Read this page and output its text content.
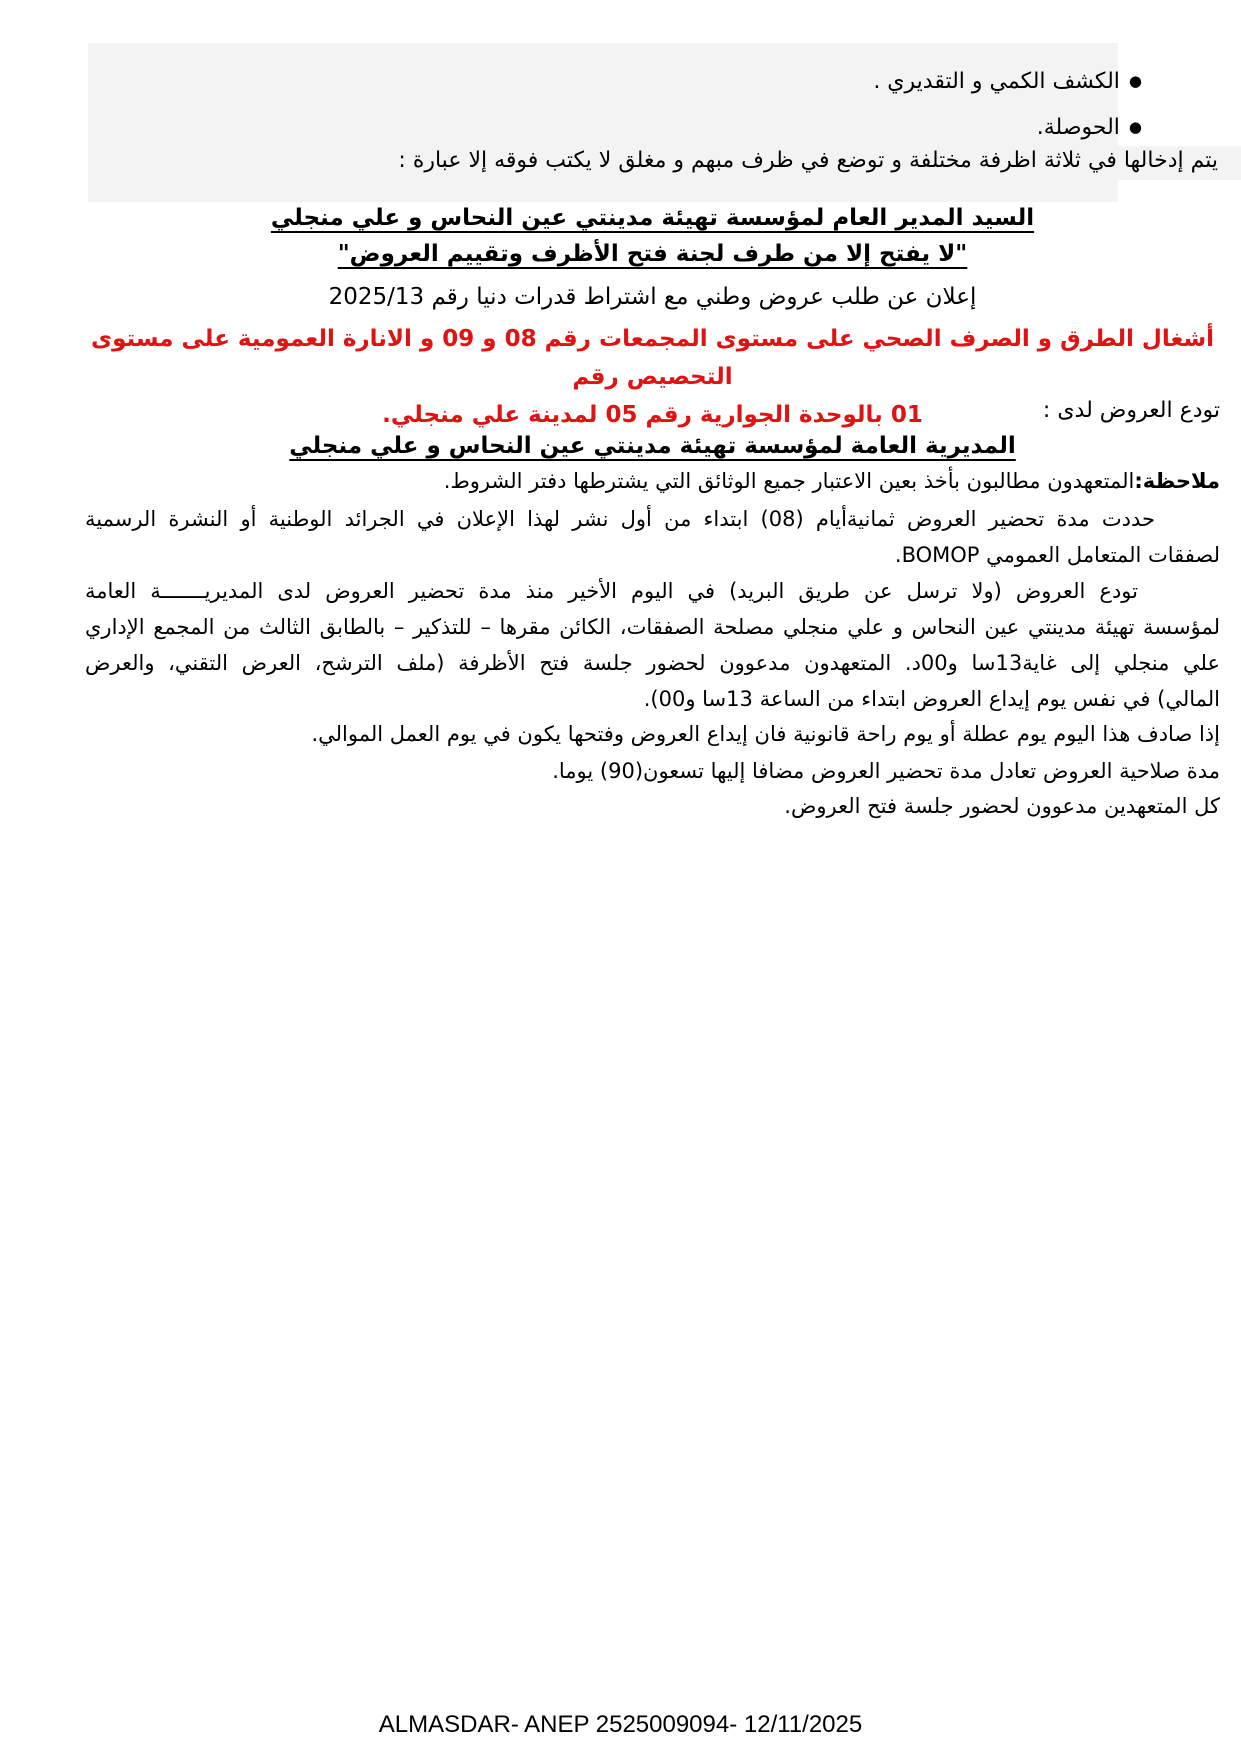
●الكشف الكمي و التقديري .
●الحوصلة.
يتم إدخالها في ثلاثة اظرفة مختلفة و توضع في ظرف مبهم و مغلق لا يكتب فوقه إلا عبارة :
السيد المدير العام لمؤسسة تهيئة مدينتي عين النحاس و علي منجلي
"لا يفتح إلا من طرف لجنة فتح الأظرف وتقييم العروض"
إعلان عن طلب عروض وطني مع اشتراط قدرات دنيا رقم 2025/13
أشغال الطرق و الصرف الصحي على مستوى المجمعات رقم 08 و 09 و الانارة العمومية على مستوى التحصيص رقم
01 بالوحدة الجوارية رقم 05 لمدينة علي منجلي.	تودع العروض لدى :
المديرية العامة لمؤسسة تهيئة مدينتي عين النحاس و علي منجلي
ملاحظة:المتعهدون مطالبون بأخذ بعين الاعتبار جميع الوثائق التي يشترطها دفتر الشروط.
حددت مدة تحضير العروض ثمانيةأيام (08) ابتداء من أول نشر لهذا الإعلان في الجرائد الوطنية أو النشرة الرسمية
لصفقات المتعامل العمومي BOMOP.
تودع العروض (ولا ترسل عن طريق البريد) في اليوم الأخير منذ مدة تحضير العروض لدى المديريـــــــة العامة
لمؤسسة تهيئة مدينتي عين النحاس و علي منجلي مصلحة الصفقات، الكائن مقرها – للتذكير – بالطابق الثالث من المجمع الإداري
علي منجلي إلى غاية13سا و00د. المتعهدون مدعوون لحضور جلسة فتح الأظرفة (ملف الترشح، العرض التقني، والعرض
المالي) في نفس يوم إيداع العروض ابتداء من الساعة 13سا و00).
إذا صادف هذا اليوم يوم عطلة أو يوم راحة قانونية فان إيداع العروض وفتحها يكون في يوم العمل الموالي.
مدة صلاحية العروض تعادل مدة تحضير العروض مضافا إليها تسعون(90) يوما.
كل المتعهدين مدعوون لحضور جلسة فتح العروض.
ALMASDAR- ANEP 2525009094- 12/11/2025
